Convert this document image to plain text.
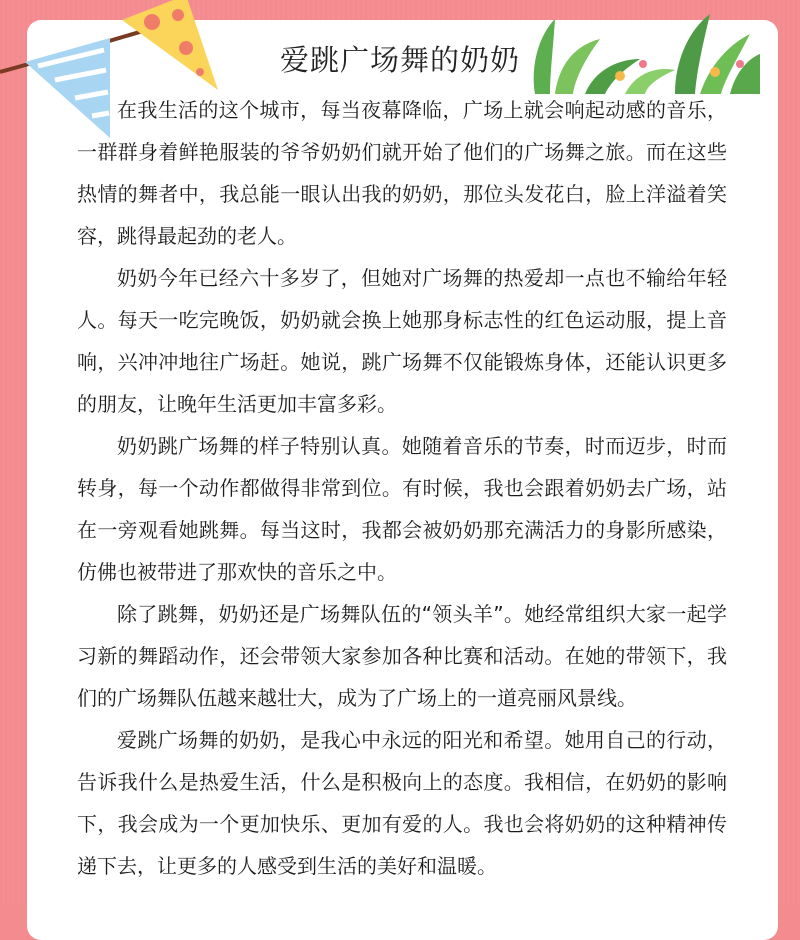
爱跳广场舞的奶奶

在我生活的这个城市，每当夜幕降临，广场上就会响起动感的音乐，一群群身着鲜艳服装的爷爷奶奶们就开始了他们的广场舞之旅。而在这些热情的舞者中，我总能一眼认出我的奶奶，那位头发花白，脸上洋溢着笑容，跳得最起劲的老人。

奶奶今年已经六十多岁了，但她对广场舞的热爱却一点也不输给年轻人。每天一吃完晚饭，奶奶就会换上她那身标志性的红色运动服，提上音响，兴冲冲地往广场赶。她说，跳广场舞不仅能锻炼身体，还能认识更多的朋友，让晚年生活更加丰富多彩。

奶奶跳广场舞的样子特别认真。她随着音乐的节奏，时而迈步，时而转身，每一个动作都做得非常到位。有时候，我也会跟着奶奶去广场，站在一旁观看她跳舞。每当这时，我都会被奶奶那充满活力的身影所感染，仿佛也被带进了那欢快的音乐之中。

除了跳舞，奶奶还是广场舞队伍的“领头羊”。她经常组织大家一起学习新的舞蹈动作，还会带领大家参加各种比赛和活动。在她的带领下，我们的广场舞队伍越来越壮大，成为了广场上的一道亮丽风景线。

爱跳广场舞的奶奶，是我心中永远的阳光和希望。她用自己的行动，告诉我什么是热爱生活，什么是积极向上的态度。我相信，在奶奶的影响下，我会成为一个更加快乐、更加有爱的人。我也会将奶奶的这种精神传递下去，让更多的人感受到生活的美好和温暖。
